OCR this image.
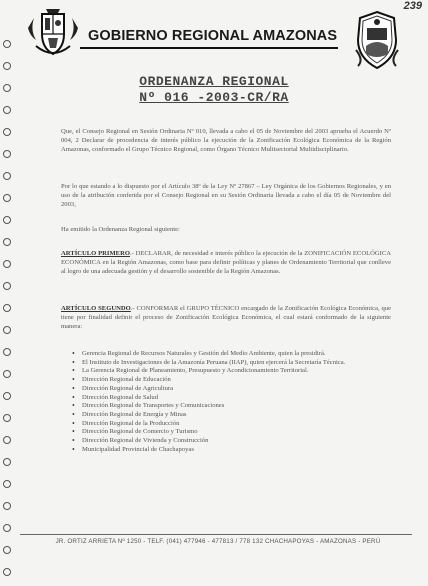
239
GOBIERNO REGIONAL AMAZONAS
ORDENANZA REGIONAL
Nº 016 -2003-CR/RA
Que, el Consejo Regional en Sesión Ordinaria Nº 010, llevada a cabo el 05 de Noviembre del 2003 aprueba el Acuerdo Nº 004, 2 Declarar de procedencia de interés público la ejecución de la Zonificación Ecológica Económica de la Región Amazonas, conformado el Grupo Técnico Regional, como Órgano Técnico Multisectorial Multidisciplinario.
Por lo que estando a lo dispuesto por el Artículo 38º de la Ley Nº 27867 – Ley Orgánica de los Gobiernos Regionales, y en uso de la atribución conferida por el Consejo Regional en su Sesión Ordinaria llevada a cabo el día 05 de Noviembre del 2003,
Ha emitido la Ordenanza Regional siguiente:
ARTÍCULO PRIMERO.- DECLARAR, de necesidad e interés público la ejecución de la ZONIFICACIÓN ECOLÓGICA ECONÓMICA en la Región Amazonas, como base para definir políticas y planes de Ordenamiento Territorial que conlleve al logro de una adecuada gestión y el desarrollo sostenible de la Región Amazonas.
ARTÍCULO SEGUNDO.- CONFORMAR el GRUPO TÉCNICO encargado de la Zonificación Ecológica Económica, que tiene por finalidad definir el proceso de Zonificación Ecológica Económica, el cual estará conformado de la siguiente manera:
• Gerencia Regional de Recursos Naturales y Gestión del Medio Ambiente, quien la presidirá.
• El Instituto de Investigaciones de la Amazonía Peruana (IIAP), quien ejercerá la Secretaría Técnica.
• La Gerencia Regional de Planeamiento, Presupuesto y Acondicionamiento Territorial.
• Dirección Regional de Educación
• Dirección Regional de Agricultura
• Dirección Regional de Salud
• Dirección Regional de Transportes y Comunicaciones
• Dirección Regional de Energía y Minas
• Dirección Regional de la Producción
• Dirección Regional de Comercio y Turismo
• Dirección Regional de Vivienda y Construcción
• Municipalidad Provincial de Chachapoyas
JR. ORTIZ ARRIETA Nº 1250 - TELF. (041) 477946 - 477813 / 778 132 CHACHAPOYAS - AMAZONAS - PERÚ
